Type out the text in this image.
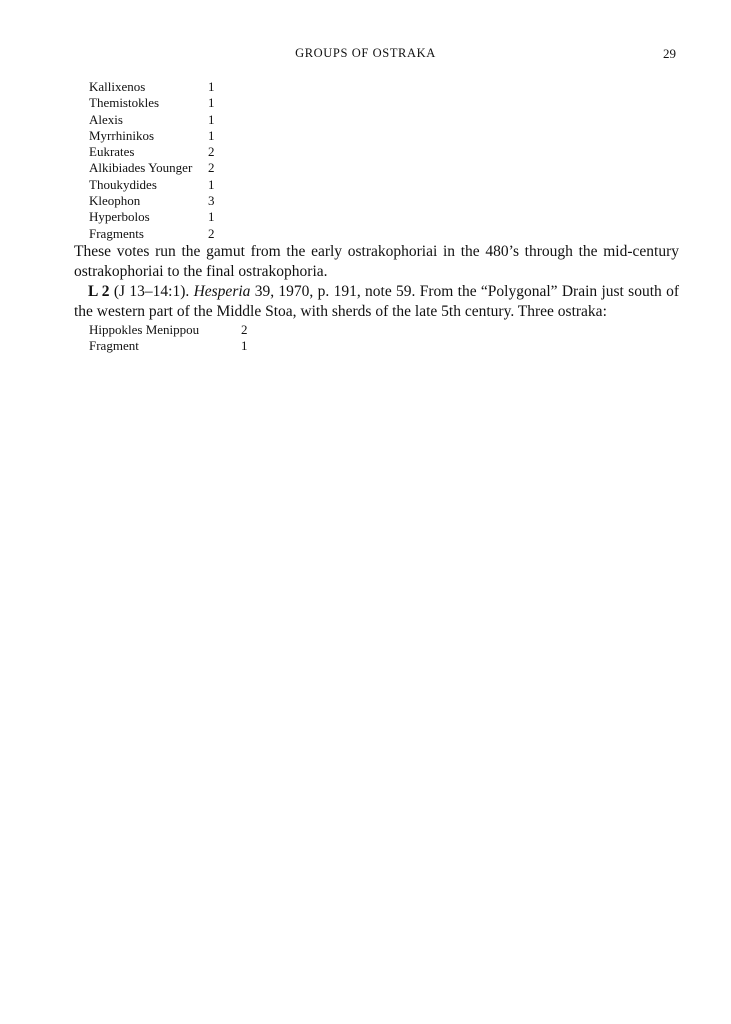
GROUPS OF OSTRAKA	29
Kallixenos	1
Themistokles	1
Alexis	1
Myrrhinikos	1
Eukrates	2
Alkibiades Younger	2
Thoukydides	1
Kleophon	3
Hyperbolos	1
Fragments	2

These votes run the gamut from the early ostrakophoriai in the 480’s through the mid-century ostrakophoriai to the final ostrakophoria.

L 2 (J 13–14:1). Hesperia 39, 1970, p. 191, note 59. From the “Polygonal” Drain just south of the western part of the Middle Stoa, with sherds of the late 5th century. Three ostraka:

Hippokles Menippou	2
Fragment	1
